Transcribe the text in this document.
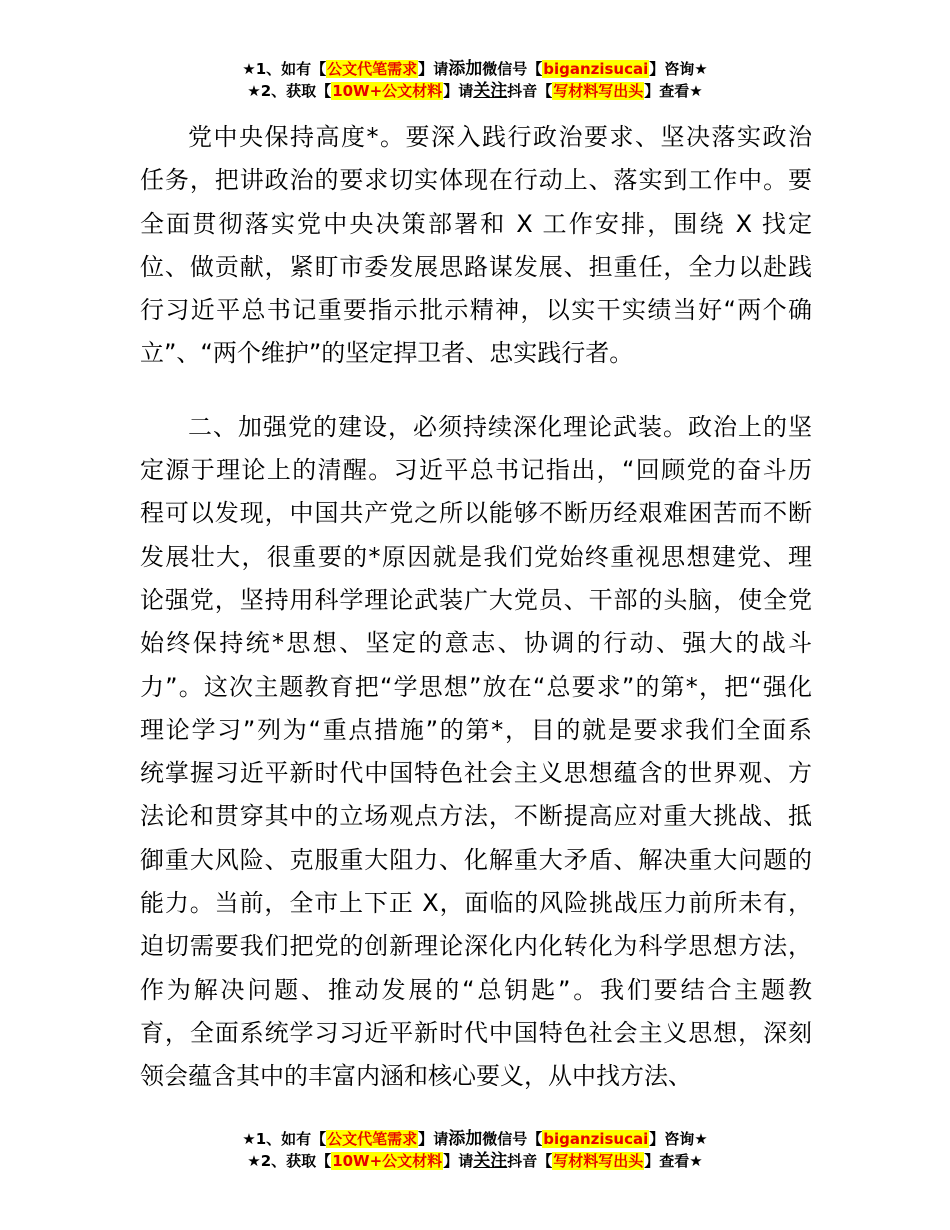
★1、如有【公文代笔需求】请添加微信号【biganzisucai】咨询★
★2、获取【10W+公文材料】请关注抖音【写材料写出头】查看★

党中央保持高度*。要深入践行政治要求、坚决落实政治
任务，把讲政治的要求切实体现在行动上、落实到工作中。要
全面贯彻落实党中央决策部署和 X 工作安排，围绕 X 找定
位、做贡献，紧盯市委发展思路谋发展、担重任，全力以赴践
行习近平总书记重要指示批示精神，以实干实绩当好“两个确
立”、“两个维护”的坚定捍卫者、忠实践行者。

二、加强党的建设，必须持续深化理论武装。政治上的坚
定源于理论上的清醒。习近平总书记指出，“回顾党的奋斗历
程可以发现，中国共产党之所以能够不断历经艰难困苦而不断
发展壮大，很重要的*原因就是我们党始终重视思想建党、理
论强党，坚持用科学理论武装广大党员、干部的头脑，使全党
始终保持统*思想、坚定的意志、协调的行动、强大的战斗
力”。这次主题教育把“学思想”放在“总要求”的第*，把“强化
理论学习”列为“重点措施”的第*，目的就是要求我们全面系
统掌握习近平新时代中国特色社会主义思想蕴含的世界观、方
法论和贯穿其中的立场观点方法，不断提高应对重大挑战、抵
御重大风险、克服重大阻力、化解重大矛盾、解决重大问题的
能力。当前，全市上下正 X，面临的风险挑战压力前所未有，
迫切需要我们把党的创新理论深化内化转化为科学思想方法，
作为解决问题、推动发展的“总钥匙”。我们要结合主题教
育，全面系统学习习近平新时代中国特色社会主义思想，深刻
领会蕴含其中的丰富内涵和核心要义，从中找方法、

★1、如有【公文代笔需求】请添加微信号【biganzisucai】咨询★
★2、获取【10W+公文材料】请关注抖音【写材料写出头】查看★
